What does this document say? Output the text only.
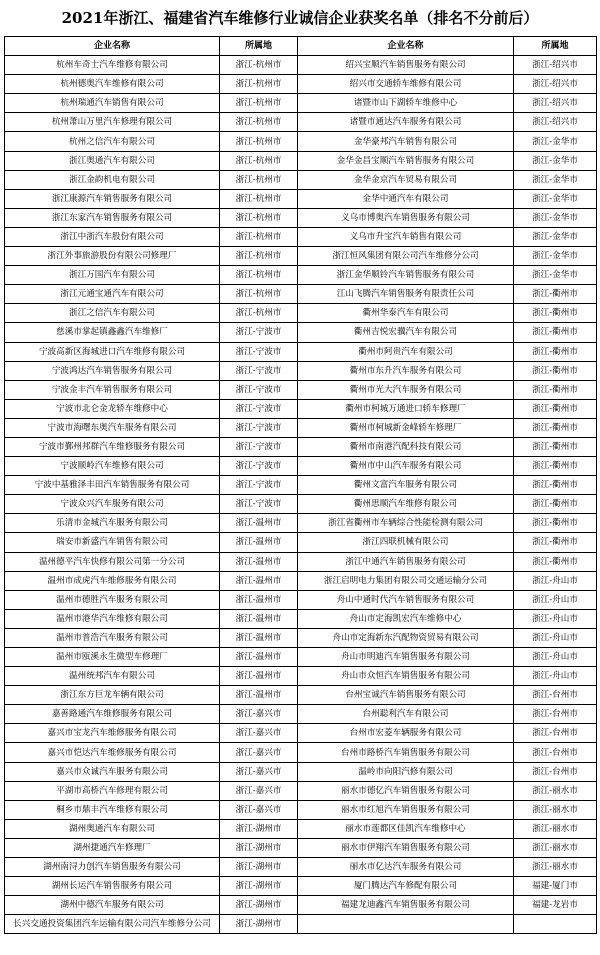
2021年浙江、福建省汽车维修行业诚信企业获奖名单（排名不分前后）
企业名称	所属地	企业名称	所属地
杭州车奇士汽车维修有限公司	浙江-杭州市	绍兴宝顺汽车销售服务有限公司	浙江-绍兴市
杭州德奥汽车维修有限公司	浙江-杭州市	绍兴市交通轿车维修有限公司	浙江-绍兴市
杭州瑞通汽车销售有限公司	浙江-杭州市	诸暨市山下湖轿车维修中心	浙江-绍兴市
杭州萧山万里汽车修理有限公司	浙江-杭州市	诸暨市通达汽车服务有限公司	浙江-绍兴市
杭州之信汽车有限公司	浙江-杭州市	金华豪邦汽车销售有限公司	浙江-金华市
浙江奥通汽车有限公司	浙江-杭州市	金华金昌宝顺汽车销售服务有限公司	浙江-金华市
浙江金韵机电有限公司	浙江-杭州市	金华金京汽车贸易有限公司	浙江-金华市
浙江康源汽车销售服务有限公司	浙江-杭州市	金华中通汽车有限公司	浙江-金华市
浙江东家汽车销售服务有限公司	浙江-杭州市	义乌市博奥汽车销售服务有限公司	浙江-金华市
浙江中浙汽车股份有限公司	浙江-杭州市	义乌市升宝汽车销售有限公司	浙江-金华市
浙江外事旅游股份有限公司修理厂	浙江-杭州市	浙江恒风集团有限公司汽车维修分公司	浙江-金华市
浙江万国汽车有限公司	浙江-杭州市	浙江金华顺铃汽车销售服务有限公司	浙江-金华市
浙江元通宝通汽车有限公司	浙江-杭州市	江山飞腾汽车销售服务有限责任公司	浙江-衢州市
浙江之信汽车有限公司	浙江-杭州市	衢州华泰汽车有限公司	浙江-衢州市
慈溪市掌起镇鑫鑫汽车维修厂	浙江-宁波市	衢州吉悦宏骥汽车有限公司	浙江-衢州市
宁波高新区海城进口汽车维修有限公司	浙江-宁波市	衢州市阿贵汽车有限公司	浙江-衢州市
宁波鸿达汽车销售服务有限公司	浙江-宁波市	衢州市东升汽车服务有限公司	浙江-衢州市
宁波金丰汽车销售服务有限公司	浙江-宁波市	衢州市光大汽车服务有限公司	浙江-衢州市
宁波市北仑金龙轿车维修中心	浙江-宁波市	衢州市柯城万通进口轿车修理厂	浙江-衢州市
宁波市海曙东奥汽车服务有限公司	浙江-宁波市	衢州市柯城新金峰轿车修理厂	浙江-衢州市
宁波市鄞州邦群汽车维修服务有限公司	浙江-宁波市	衢州市南港汽配科技有限公司	浙江-衢州市
宁波顺岭汽车维修有限公司	浙江-宁波市	衢州市中山汽车服务有限公司	浙江-衢州市
宁波中基雅泽丰田汽车销售服务有限公司	浙江-宁波市	衢州文富汽车服务有限公司	浙江-衢州市
宁波众兴汽车服务有限公司	浙江-宁波市	衢州思顺汽车维修有限公司	浙江-衢州市
乐清市金城汽车服务有限公司	浙江-温州市	浙江省衢州市车辆综合性能检测有限公司	浙江-衢州市
瑞安市新盛汽车销售有限公司	浙江-温州市	浙江四联机械有限公司	浙江-衢州市
温州德平汽车快修有限公司第一分公司	浙江-温州市	浙江中通汽车销售服务有限公司	浙江-衢州市
温州市成虎汽车维修服务有限公司	浙江-温州市	浙江启明电力集团有限公司交通运输分公司	浙江-舟山市
温州市德胜汽车服务有限公司	浙江-温州市	舟山中通时代汽车销售服务有限公司	浙江-舟山市
温州市港华汽车维修有限公司	浙江-温州市	舟山市定海凯宏汽车维修中心	浙江-舟山市
温州市普浩汽车服务有限公司	浙江-温州市	舟山市定海新东汽配物资贸易有限公司	浙江-舟山市
温州市瓯溪永生微型车修理厂	浙江-温州市	舟山市明迪汽车销售服务有限公司	浙江-舟山市
温州统邦汽车有限公司	浙江-温州市	舟山市众恒汽车销售服务有限公司	浙江-舟山市
浙江东方巨龙车辆有限公司	浙江-温州市	台州宝诚汽车销售服务有限公司	浙江-台州市
嘉善路通汽车维修服务有限公司	浙江-嘉兴市	台州聪利汽车有限公司	浙江-台州市
嘉兴市宝龙汽车维修服务有限公司	浙江-嘉兴市	台州市宏菱车辆服务有限公司	浙江-台州市
嘉兴市恺达汽车维修服务有限公司	浙江-嘉兴市	台州市路桥汽车销售服务有限公司	浙江-台州市
嘉兴市众诚汽车服务有限公司	浙江-嘉兴市	温岭市向阳汽修有限公司	浙江-台州市
平湖市高桥汽车修理有限公司	浙江-嘉兴市	丽水市德亿汽车销售服务有限公司	浙江-丽水市
桐乡市鼎丰汽车维修有限公司	浙江-嘉兴市	丽水市红旭汽车销售服务有限公司	浙江-丽水市
湖州奥通汽车有限公司	浙江-湖州市	丽水市莲都区佳凯汽车维修中心	浙江-丽水市
湖州捷通汽车修理厂	浙江-湖州市	丽水市伊翔汽车销售服务有限公司	浙江-丽水市
湖州南浔力创汽车销售服务有限公司	浙江-湖州市	丽水市亿达汽车服务有限公司	浙江-丽水市
湖州长运汽车销售服务有限公司	浙江-湖州市	厦门腾达汽车修配有限公司	福建-厦门市
湖州中德汽车服务有限公司	浙江-湖州市	福建龙迪鑫汽车销售服务有限公司	福建-龙岩市
长兴交通投资集团汽车运输有限公司汽车维修分公司	浙江-湖州市		
